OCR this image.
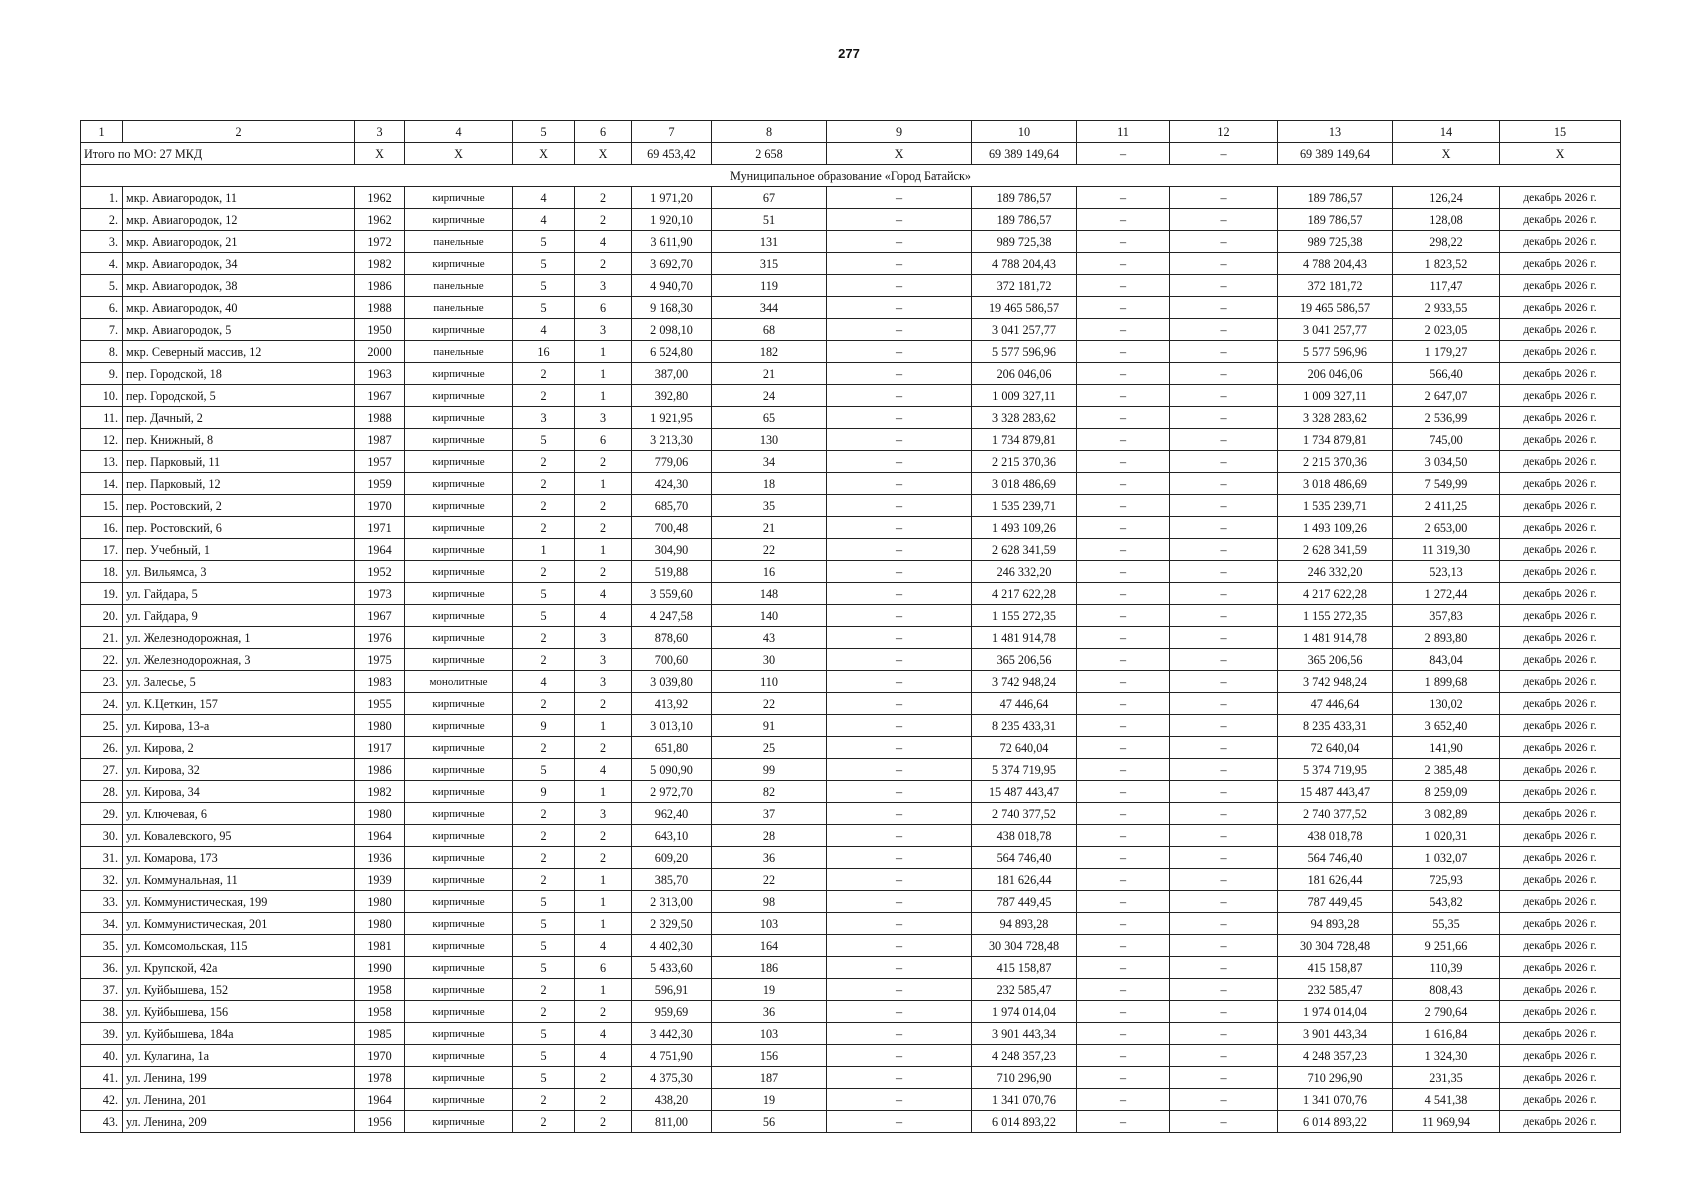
277
1	2	3	4	5	6	7	8	9	10	11	12	13	14	15
Итого по МО: 27 МКД		Х	Х	Х	Х	69 453,42	2 658	Х	69 389 149,64	–	–	69 389 149,64	Х	Х
Муниципальное образование «Город Батайск»														
1.	мкр. Авиагородок, 11	1962	кирпичные	4	2	1 971,20	67	–	189 786,57	–	–	189 786,57	126,24	декабрь 2026 г.
2.	мкр. Авиагородок, 12	1962	кирпичные	4	2	1 920,10	51	–	189 786,57	–	–	189 786,57	128,08	декабрь 2026 г.
3.	мкр. Авиагородок, 21	1972	панельные	5	4	3 611,90	131	–	989 725,38	–	–	989 725,38	298,22	декабрь 2026 г.
4.	мкр. Авиагородок, 34	1982	кирпичные	5	2	3 692,70	315	–	4 788 204,43	–	–	4 788 204,43	1 823,52	декабрь 2026 г.
5.	мкр. Авиагородок, 38	1986	панельные	5	3	4 940,70	119	–	372 181,72	–	–	372 181,72	117,47	декабрь 2026 г.
6.	мкр. Авиагородок, 40	1988	панельные	5	6	9 168,30	344	–	19 465 586,57	–	–	19 465 586,57	2 933,55	декабрь 2026 г.
7.	мкр. Авиагородок, 5	1950	кирпичные	4	3	2 098,10	68	–	3 041 257,77	–	–	3 041 257,77	2 023,05	декабрь 2026 г.
8.	мкр. Северный массив, 12	2000	панельные	16	1	6 524,80	182	–	5 577 596,96	–	–	5 577 596,96	1 179,27	декабрь 2026 г.
9.	пер. Городской, 18	1963	кирпичные	2	1	387,00	21	–	206 046,06	–	–	206 046,06	566,40	декабрь 2026 г.
10.	пер. Городской, 5	1967	кирпичные	2	1	392,80	24	–	1 009 327,11	–	–	1 009 327,11	2 647,07	декабрь 2026 г.
11.	пер. Дачный, 2	1988	кирпичные	3	3	1 921,95	65	–	3 328 283,62	–	–	3 328 283,62	2 536,99	декабрь 2026 г.
12.	пер. Книжный, 8	1987	кирпичные	5	6	3 213,30	130	–	1 734 879,81	–	–	1 734 879,81	745,00	декабрь 2026 г.
13.	пер. Парковый, 11	1957	кирпичные	2	2	779,06	34	–	2 215 370,36	–	–	2 215 370,36	3 034,50	декабрь 2026 г.
14.	пер. Парковый, 12	1959	кирпичные	2	1	424,30	18	–	3 018 486,69	–	–	3 018 486,69	7 549,99	декабрь 2026 г.
15.	пер. Ростовский, 2	1970	кирпичные	2	2	685,70	35	–	1 535 239,71	–	–	1 535 239,71	2 411,25	декабрь 2026 г.
16.	пер. Ростовский, 6	1971	кирпичные	2	2	700,48	21	–	1 493 109,26	–	–	1 493 109,26	2 653,00	декабрь 2026 г.
17.	пер. Учебный, 1	1964	кирпичные	1	1	304,90	22	–	2 628 341,59	–	–	2 628 341,59	11 319,30	декабрь 2026 г.
18.	ул. Вильямса, 3	1952	кирпичные	2	2	519,88	16	–	246 332,20	–	–	246 332,20	523,13	декабрь 2026 г.
19.	ул. Гайдара, 5	1973	кирпичные	5	4	3 559,60	148	–	4 217 622,28	–	–	4 217 622,28	1 272,44	декабрь 2026 г.
20.	ул. Гайдара, 9	1967	кирпичные	5	4	4 247,58	140	–	1 155 272,35	–	–	1 155 272,35	357,83	декабрь 2026 г.
21.	ул. Железнодорожная, 1	1976	кирпичные	2	3	878,60	43	–	1 481 914,78	–	–	1 481 914,78	2 893,80	декабрь 2026 г.
22.	ул. Железнодорожная, 3	1975	кирпичные	2	3	700,60	30	–	365 206,56	–	–	365 206,56	843,04	декабрь 2026 г.
23.	ул. Залесье, 5	1983	монолитные	4	3	3 039,80	110	–	3 742 948,24	–	–	3 742 948,24	1 899,68	декабрь 2026 г.
24.	ул. К.Цеткин, 157	1955	кирпичные	2	2	413,92	22	–	47 446,64	–	–	47 446,64	130,02	декабрь 2026 г.
25.	ул. Кирова, 13-а	1980	кирпичные	9	1	3 013,10	91	–	8 235 433,31	–	–	8 235 433,31	3 652,40	декабрь 2026 г.
26.	ул. Кирова, 2	1917	кирпичные	2	2	651,80	25	–	72 640,04	–	–	72 640,04	141,90	декабрь 2026 г.
27.	ул. Кирова, 32	1986	кирпичные	5	4	5 090,90	99	–	5 374 719,95	–	–	5 374 719,95	2 385,48	декабрь 2026 г.
28.	ул. Кирова, 34	1982	кирпичные	9	1	2 972,70	82	–	15 487 443,47	–	–	15 487 443,47	8 259,09	декабрь 2026 г.
29.	ул. Ключевая, 6	1980	кирпичные	2	3	962,40	37	–	2 740 377,52	–	–	2 740 377,52	3 082,89	декабрь 2026 г.
30.	ул. Ковалевского, 95	1964	кирпичные	2	2	643,10	28	–	438 018,78	–	–	438 018,78	1 020,31	декабрь 2026 г.
31.	ул. Комарова, 173	1936	кирпичные	2	2	609,20	36	–	564 746,40	–	–	564 746,40	1 032,07	декабрь 2026 г.
32.	ул. Коммунальная, 11	1939	кирпичные	2	1	385,70	22	–	181 626,44	–	–	181 626,44	725,93	декабрь 2026 г.
33.	ул. Коммунистическая, 199	1980	кирпичные	5	1	2 313,00	98	–	787 449,45	–	–	787 449,45	543,82	декабрь 2026 г.
34.	ул. Коммунистическая, 201	1980	кирпичные	5	1	2 329,50	103	–	94 893,28	–	–	94 893,28	55,35	декабрь 2026 г.
35.	ул. Комсомольская, 115	1981	кирпичные	5	4	4 402,30	164	–	30 304 728,48	–	–	30 304 728,48	9 251,66	декабрь 2026 г.
36.	ул. Крупской, 42а	1990	кирпичные	5	6	5 433,60	186	–	415 158,87	–	–	415 158,87	110,39	декабрь 2026 г.
37.	ул. Куйбышева, 152	1958	кирпичные	2	1	596,91	19	–	232 585,47	–	–	232 585,47	808,43	декабрь 2026 г.
38.	ул. Куйбышева, 156	1958	кирпичные	2	2	959,69	36	–	1 974 014,04	–	–	1 974 014,04	2 790,64	декабрь 2026 г.
39.	ул. Куйбышева, 184а	1985	кирпичные	5	4	3 442,30	103	–	3 901 443,34	–	–	3 901 443,34	1 616,84	декабрь 2026 г.
40.	ул. Кулагина, 1а	1970	кирпичные	5	4	4 751,90	156	–	4 248 357,23	–	–	4 248 357,23	1 324,30	декабрь 2026 г.
41.	ул. Ленина, 199	1978	кирпичные	5	2	4 375,30	187	–	710 296,90	–	–	710 296,90	231,35	декабрь 2026 г.
42.	ул. Ленина, 201	1964	кирпичные	2	2	438,20	19	–	1 341 070,76	–	–	1 341 070,76	4 541,38	декабрь 2026 г.
43.	ул. Ленина, 209	1956	кирпичные	2	2	811,00	56	–	6 014 893,22	–	–	6 014 893,22	11 969,94	декабрь 2026 г.
